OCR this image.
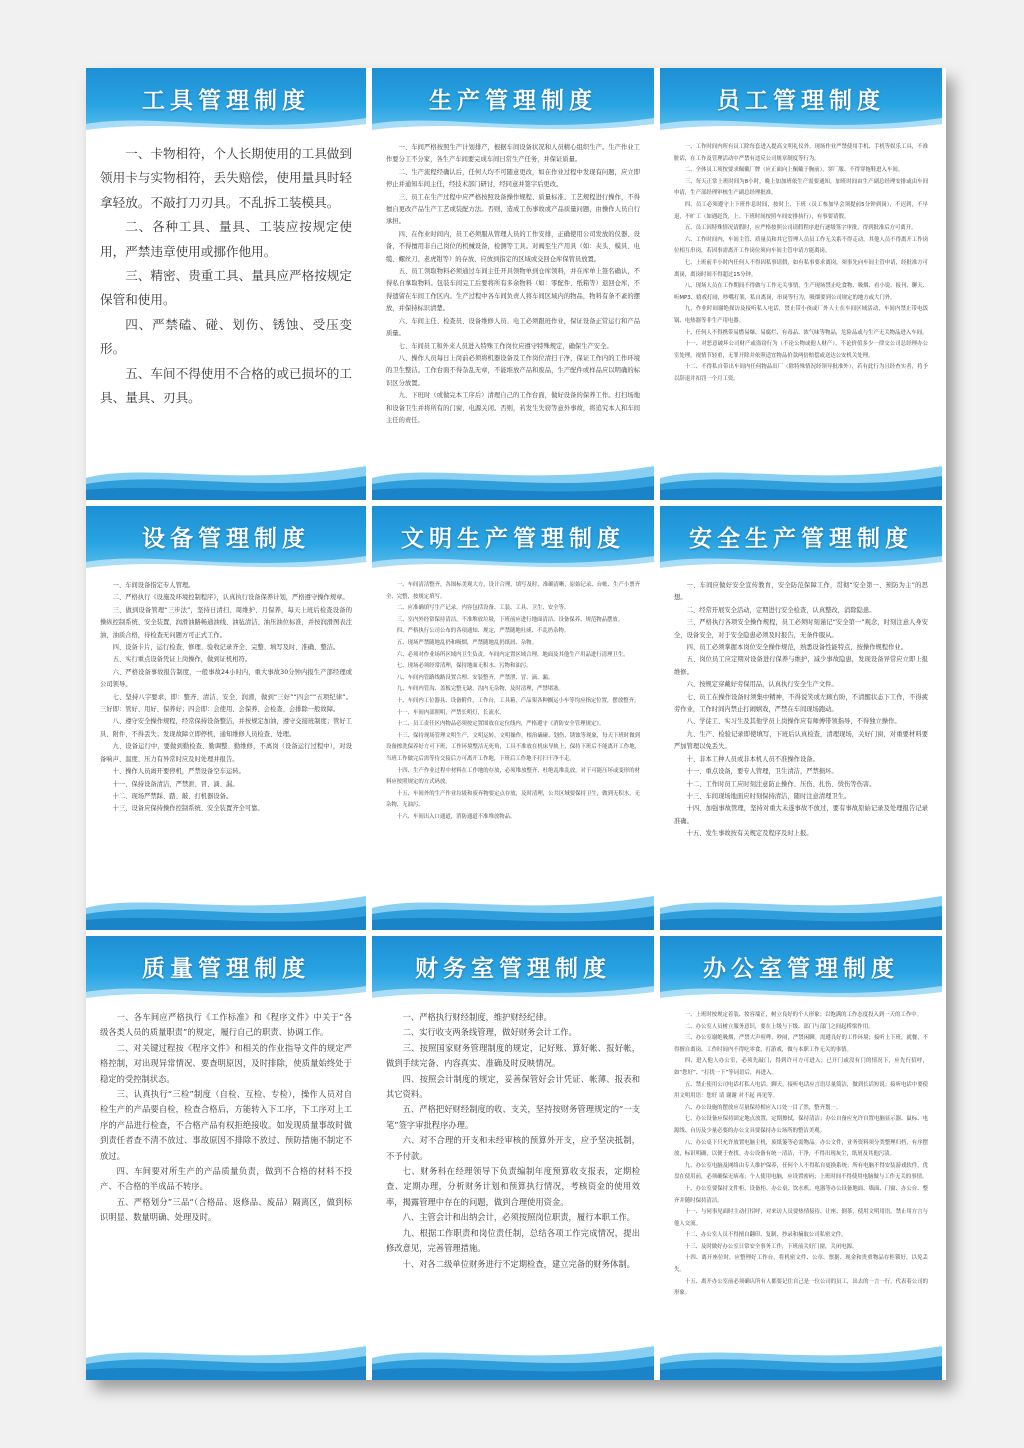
工具管理制度

一、卡物相符，个人长期使用的工具做到领用卡与实物相符，丢失赔偿，使用量具时轻拿轻放。不敲打刀刃具。不乱拆工装模具。

二、各种工具、量具、工装应按规定使用，严禁违章使用或挪作他用。

三、精密、贵重工具、量具应严格按规定保管和使用。

四、严禁磕、碰、划伤、锈蚀、受压变形。

五、车间不得使用不合格的或已损坏的工具、量具、刃具。

生产管理制度

一、车间严格按照生产计划排产，根据车间设备状况和人员精心组织生产。生产作业工作要分工不分家，各生产车间要完成车间日常生产任务，并保证质量。

二、生产流程经确认后，任何人均不可随意更改，如在作业过程中发现有问题，应立即停止并通知车间主任，经技术部门研讨，经同意并签字后更改。

三、员工在生产过程中应严格按照设备操作规程、质量标准、工艺规程进行操作，不得擅自更改产品生产工艺或装配方法。否则，造成工伤事故或产品质量问题，由操作人员自行承担。

四、在作业时间内，员工必须服从管理人员的工作安排，正确使用公司发放的仪器、设备，不得擅用非自己岗位的机械设备，检测等工具。对阀至生产用具（如：夹头、模具、电缆、螺丝刀、老虎钳等）的存放，应放到指定的区域或交回仓库保管员放置。

五、员工领取物料必须通过车间主任开具领物单到仓库领料，并在库单上签名确认，不得私自拿取物料。包装车间完工后要将所有多余物料（如：零配件、纸箱等）退回仓库，不得遗留在车间工作区内。生产过程中各车间负责人将车间区域内的物品，物料有条不紊的摆放，并保持标识清楚。

六、车间主任、检查员、设备维修人员、电工必须跟班作业，保证设备正常运行和产品质量。

七、车间员工和外来人员进入特殊工作岗位应遵守特殊规定，确保生产安全。

八、操作人员每日上岗前必须将机器设备及工作岗位清扫干净，保证工作内的工作环境的卫生整洁。工作台面不得杂乱无章，不能堆放产品和废品，生产配件或样品应以明确的标识区分放置。

九、下班时（或做完本工序后）清理自己的工作台面，做好设备的保养工作。打扫场地和设备卫生并将所有的门窗、电源关闭。否则，若发生失窃等意外事故，将追究本人和车间主任的责任。

员工管理制度

一、工作时间内所有员工除每套进入提高文明礼仪外，现场作业严禁使用手机、手机等娱乐工具，不准脏话，在工作及管理活动中严禁有违反公司规章制度等行为。

二、全体员工须按要求佩戴厂牌（应正面向上佩戴于胸前），穿厂服、不得穿拖鞋进入车间。

三、每天正常上班时间为8小时，晚上加加班依生产需要通知，加班时间由生产副总经理安排或由车间申请，生产部经理审核生产副总经理批准。

四、员工必须遵守上下班作息时间，按时上、下班（员工参加早会须提前5分钟到岗），不迟到，不早退，不旷工（如遇赶货，上、下班时间按照车间安排执行），有事要请假。

五、员工因特殊情况请假时，应严格按照公司请假程序进行逐级签字审批，得到批准后方可离开。

六、工作时间内，车间主管、质量员和其它管理人员员工作无关系不得走动，其他人员不得离开工作岗位相互串岗，若因事需离开工作岗位须向车间主管申请方能离岗。

七、上班前半小时内任何人不得因私事请假，如有私事要求离岗，须事先向车间主管申请，经批准方可离岗，离岗时间不得超过15分钟。

八、现场人员在工作期间不得做与工作无关事情，生产现场禁止吃食物、吸烟、看小说、报刊、聊天、听MP3、嬉戏打闹，吵嘴打架，私自离岗，串岗等行为，吸烟要到公司规定的地方或大门外。

九、作业时间谢绝探访及接听私人电话，禁止带小孩或厂外人士在车间区域活动，车间内禁止带电饭锅、电热器等非生产用电器。

十、任何人不得携带易燃易爆、易腐烂、有毒品、浓气味等物品，危险品或与生产无关物品进入车间。

十一、对恶意破坏公司财产或盗窃行为（不论公物或他人财产），不论价值多少一律交公司总经理办公室处理，视情节轻重，无罪开除并依照适宜物品价款两倍赔偿或送达公安机关处理。

十二、不得私自带出车间内任何物品出厂（除特殊情况经领导批准外），若有此行为且经查实者，将予以辞退并扣罚一个月工资。

设备管理制度

一、车间设备指定专人管理。

二、严格执行《设施及环境控制程序》，认真执行设备保养计划，严格遵守操作规章。

三、做到设备管理“三步法”，坚持日清扫、周维护、月保养，每天上班后检查设备的操纵控制系统、安全装置，润滑油路畅通油线、油毡清洁、油压油位标准，并按润滑图表注油，油质合格，待检查无问题方可正式工作。

四、设备卡片，运行检查、修理、验收记录齐全、完整、填写及时、准确、整洁。

五、实行重点设备凭证上岗操作，做到证机相符。

六、严格设备事故报告制度，一般事故24小时内，重大事故30分钟内报生产部经理或公司领导。

七、坚持八字要求，即：整齐、清洁、安全、润滑，做到“三好”“四会”“五项纪律”。三好即：管好、用好、保养好；四会即：会使用、会保养、会检查、会排除一般故障。

八、遵守安全操作规程，经常保持设备整洁，并按规定加油，遵守交接班制度；管好工具、附件、不得丢失；发现故障立即停机，通知维修人员检查、处理。

九、设备运行中，要做到勤检查、勤调整、勤维修，不离岗（设备运行过程中），对设备响声、温度、压力有异常时应及时处理并报告。

十、操作人员离开要停机，严禁设备空车运转。

十一、保持设备清洁，严禁泄、冒、滴、漏。

十二、现场严禁踩、踏、敲、打机器设备。

十三、设备应保持操作控制系统、安全装置齐全可靠。

文明生产管理制度

一、车间清洁整齐，各图标美观大方，设计合理，填写及时，准确清晰，原始记录、台帐、生产小票齐全、完整，按规定填写。

二、应准确填写生产记录，内容包括设备、工装、工具、卫生、安全等。

三、室内外经常保持清洁，不准堆放垃圾，下班前应进行地面清洁、设备保养、规范物品摆放。

四、严格执行公司公布的各项通知、规定，严禁随地吐痰、不乱扔杂物。

五、现场严禁随地乱扔和吸烟，严禁随地乱扔纸屑、杂物。

六、必须对作业场所区域内卫生负责，车间内定置区域合理，地面及其他生产用品进行清理卫生。

七、现场必须经常清理，保持地面无积水、污物和油污。

八、车间内管路线路设置合理、安装整齐，严禁泄、冒、滴、漏。

九、车间内管沟、盖板完整无缺，沟内无杂物，及时清理，严禁堵塞。

十、车间内工位器具、设备附件，工作台，工具箱，产品架各种搁运小车等均应指定位置，摆放整齐。

十一、车间内部照明，严禁长明灯，长流水。

十二、员工责任区内物品必须按定置图放在定位线内，严格遵守《消防安全管理规定》。

十三、保持现场管理文明生产，文明运转，文明操作，根治磕碰、划伤、锈蚀等现象，每天下班时做到设备擦洗保养好方可下班，工作环境整洁无死角，工具不准放在机床导轨上，保持下班后不能离开工作地，当班工作做完后需等待交接后方可离开工作地，下班后工作地不打扫干净不走。

十四、生产作业过程中材料在工作地的存放，必须堆放整齐，杜绝乱堆乱放，对于可能压坏或变形的材料应按照规定的方式码放。

十五、车间外的生产作业垃圾和废弃物要定点存放，及时清理，公共区域要保持卫生，做到无积水，无杂物，无油污。

十六、车间出入口通道，消防通道不准堆放物品。

安全生产管理制度

一、车间应做好安全宣传教育，安全防范保障工作，贯彻“安全第一、预防为主”的思想。

二、经常开展安全活动，定期进行安全检查，认真整改，消除隐患。

三、严格执行各项安全操作规程，员工必须时刻谨记“安全第一”观念，时刻注意人身安全，设备安全，对于安全隐患必须及时报告，无条件服从。

四、员工必须掌握本岗位安全操作规范，熟悉设备性能特点，按操作规程作业。

五、岗位员工应定期对设备进行保养与维护，减少事故隐患，发现设备异常应立即上报维修。

六、按规定穿戴好劳保用品，认真执行安全生产文件。

七、员工在操作设备时须集中精神，不得说笑或左顾右盼，不清醒状态下工作，不得疲劳作业，工作时间内禁止打闹嬉戏，严禁在车间现场跑动。

八、学徒工、实习生及其他学员上岗操作应有师傅带领指导，不得独立操作。

九、生产、检验记录即使填写，下班后认真检查，清理现场，关好门窗，对重要材料要严加管理以免丢失。

十、非本工种人员或非本机人员不准操作设备。

十一、重点设备，要专人管理，卫生清洁，严禁损坏。

十二、工作时员工应时刻注意防止操作、压伤、扎伤、烫伤等伤害。

十三、车间现场地面应时刻保持清洁，随时注意清理卫生。

十四、加强事故管理，坚持对重大未遂事故不放过，要有事故原始记录及处理报告记录准确。

十五、发生事故按有关规定及程序及时上报。

质量管理制度

一、各车间应严格执行《工作标准》和《程序文件》中关于“各级各类人员的质量职责”的规定，履行自己的职责、协调工作。

二、对关键过程按《程序文件》和相关的作业指导文件的规定严格控制，对出现异常情况、要查明原因，及时排除，使质量始终处于稳定的受控制状态。

三、认真执行“三检”制度（自检、互检、专检），操作人员对自检生产的产品要自检，检查合格后，方能转入下工序，下工序对上工序的产品进行检查，不合格产品有权拒绝接收。如发现质量事故时做到责任者查不清不放过、事故原因不排除不放过、预防措施不制定不放过。

四、车间要对所生产的产品质量负责，做到不合格的材料不投产、不合格的半成品不转序。

五、严格划分”三品“（合格品、返修品、废品）隔离区，做到标识明显、数量明确、处理及时。

财务室管理制度

一、严格执行财经制度，维护财经纪律。

二、实行收支两条线管理，做好财务会计工作。

三、按照国家财务管理制度的规定，记好账、算好帐、报好帐，做到手续完备、内容真实、准确及时反映情况。

四、按照会计制度的规定，妥善保管好会计凭证、帐薄、报表和其它资料。

五、严格把好财经制度的收、支关，坚持按财务管理规定的“一支笔”签字审批程序办理。

六、对不合理的开支和未经审核的预算外开支，应予坚决抵制，不予付款。

七、财务科在经理领导下负责编制年度预算收支报表，定期检查、定期办理，分析财务计划和预算执行情况，考核资金的使用效率，揭露管理中存在的问题，做到合理使用资金。

八、主管会计和出纳会计，必须按照岗位职责，履行本职工作。

九、根据工作职责和岗位责任制，总结各项工作完成情况，提出修改意见，完善管理措施。

十、对各二级单位财务进行不定期检查，建立完备的财务体制。

办公室管理制度

一、上班时按规定着装、妆容端正，树立良好的个人形象；以饱满的工作态度投入到一天的工作中。

二、办公室人员树立服务意识，要在上级与下级、部门与部门之间起桥梁作用。

三、办公室谢绝吸烟，严禁大声喧哗、吵闹，严禁闲聊。需遵良好的工作环境；接听上下班，就餐，不得擅自离岗，工作时间内不得吃零食，打游戏，做与本职工作无关的事情。

四、进入他人办公室，必须先敲门，得到许可方可进入；已开门或没有门的情况下，应先行招呼，如“您好”、“打扰一下”等词语后，再进入。

五、禁止使用公司电话打私人电话。聊天，接听电话应言语尽量简洁，做到长话短说；接听电话中要使用文明用语：您好 请 谢谢 对不起 再见等。

六、办公设施的摆放应尽量保持相应入口处一目了然，整齐划一。

七、办公设备应保持固定地点放置，定期擦拭，保持清洁；办公自备应允许自置电脑显示器、鼠标、电源线、台历及少量必要的办公文具要保持办公场所的整洁美观。

八、办公桌下只允许放置电脑主机，废纸篓等必需物品。办公文件，业务资料须分类整理归档，有序摆放，标识明确，以便于查找。办公设备有统一清洁，干净，不得出现灰尘，纸屑及其他污渍。

九、办公室电脑及网络由专人维护保养，任何个人不得私自更换系统；所有电脑不得安装游戏软件，优盘在使用前，必须确保无病毒；个人使用电脑，应设置密码；上班时间不得使用电脑做与工作无关的事情。

十、办公室要保持文件柜、设备柜、办公桌、饮水机、电器等办公设备地面、墙面、门窗、办公台、整齐并随时保持清洁。

十一、与同事见面时主动打招呼，对来访人员要热情接待、让座、倒茶，使用文明用语，禁止用方言与他人交流。

十二、办公室人员不得擅自翻印、复制、抄录和摘取公司私密文件。

十三、及时做好办公室日常安全事务工作，下班前关好门窗，关闭电源。

十四、离开座位时，应整理好工作台，将机密文件、公章、票据、现金和贵重物品存柜锁好，以免丢失。

十五、离开办公室前必须确认所有人都要记住自己是一位公司的员工，出去的一言一行，代表着公司的形象。
